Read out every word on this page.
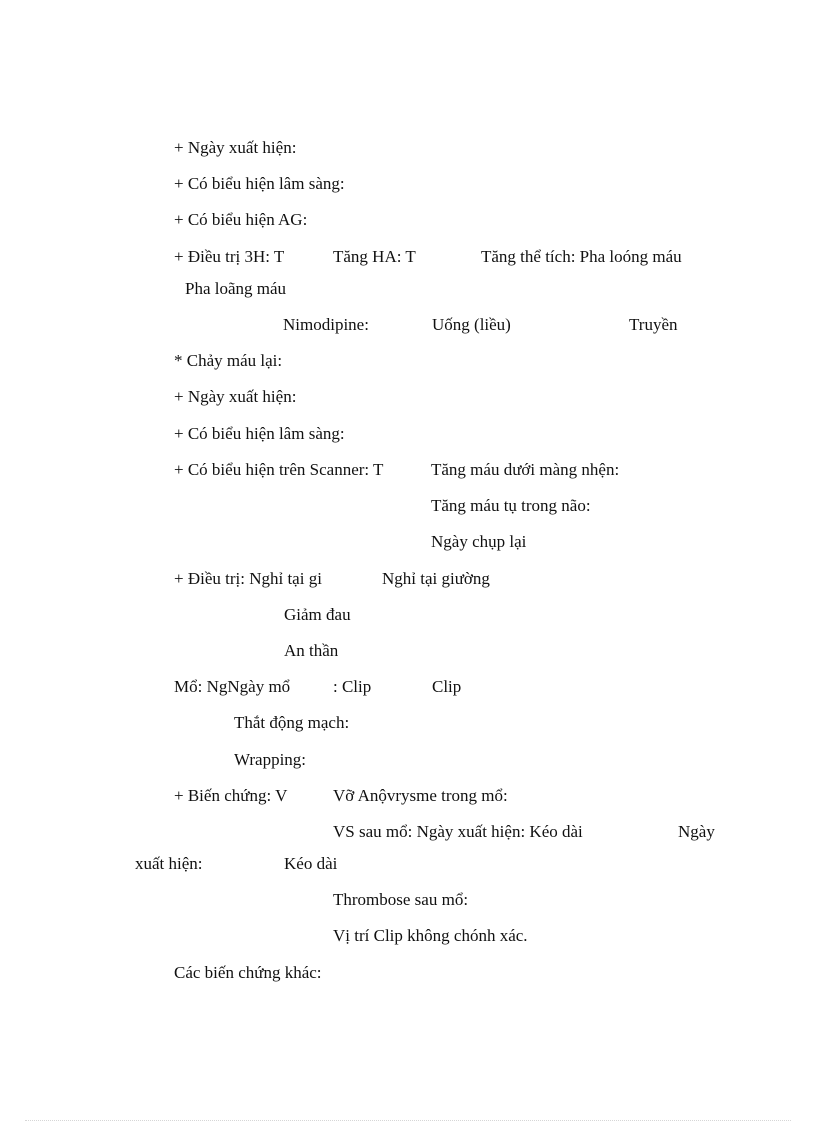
+ Ngày xuất hiện:
+ Có biểu hiện lâm sàng:
+ Có biểu hiện AG:
+ Điều trị 3H: T	Tăng HA: T	Tăng thể tích: Pha loóng máu
Pha loãng máu
Nimodipine:	Uống (liều)	Truyền
* Chảy máu lại:
+ Ngày xuất hiện:
+ Có biểu hiện lâm sàng:
+ Có biểu hiện trên Scanner: T	Tăng máu dưới màng nhện:
Tăng máu tụ trong não:
Ngày chụp lại
+ Điều trị: Nghỉ tại gi	Nghỉ tại giường
Giảm đau
An thần
Mổ: NgNgày mổ	: Clip	Clip
Thắt động mạch:
Wrapping:
+ Biến chứng: V	Vỡ Anộvrysme trong mổ:
VS sau mổ: Ngày xuất hiện: Kéo dài	Ngày
xuất hiện:	Kéo dài
Thrombose sau mổ:
Vị trí Clip không chónh xác.
Các biến chứng khác:
